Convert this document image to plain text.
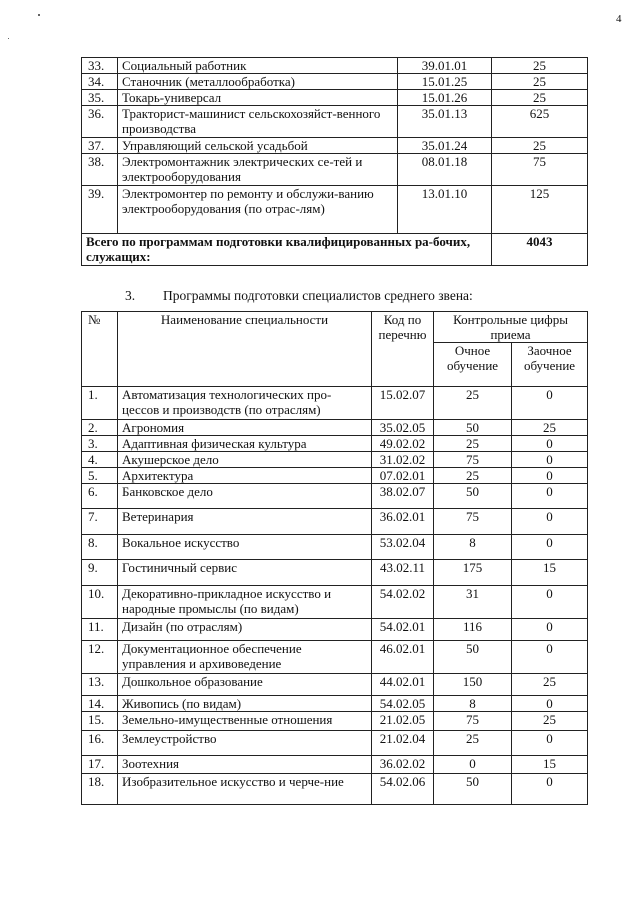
4
33.	Социальный работник	39.01.01	25
34.	Станочник (металлообработка)	15.01.25	25
35.	Токарь-универсал	15.01.26	25
36.	Тракторист-машинист сельскохозяйст-венного производства	35.01.13	625
37.	Управляющий сельской усадьбой	35.01.24	25
38.	Электромонтажник электрических се-тей и электрооборудования	08.01.18	75
39.	Электромонтер по ремонту и обслужи-ванию электрооборудования (по отрас-лям)	13.01.10	125
Всего по программам подготовки квалифицированных ра-бочих, служащих:			4043
3. Программы подготовки специалистов среднего звена:
№	Наименование специальности	Код по перечню	Контрольные цифры приема	
			Очное обучение	Заочное обучение
1.	Автоматизация технологических про-цессов и производств (по отраслям)	15.02.07	25	0
2.	Агрономия	35.02.05	50	25
3.	Адаптивная физическая культура	49.02.02	25	0
4.	Акушерское дело	31.02.02	75	0
5.	Архитектура	07.02.01	25	0
6.	Банковское дело	38.02.07	50	0
7.	Ветеринария	36.02.01	75	0
8.	Вокальное искусство	53.02.04	8	0
9.	Гостиничный сервис	43.02.11	175	15
10.	Декоративно-прикладное искусство и народные промыслы (по видам)	54.02.02	31	0
11.	Дизайн (по отраслям)	54.02.01	116	0
12.	Документационное обеспечение управления и архивоведение	46.02.01	50	0
13.	Дошкольное образование	44.02.01	150	25
14.	Живопись (по видам)	54.02.05	8	0
15.	Земельно-имущественные отношения	21.02.05	75	25
16.	Землеустройство	21.02.04	25	0
17.	Зоотехния	36.02.02	0	15
18.	Изобразительное искусство и черче-ние	54.02.06	50	0
